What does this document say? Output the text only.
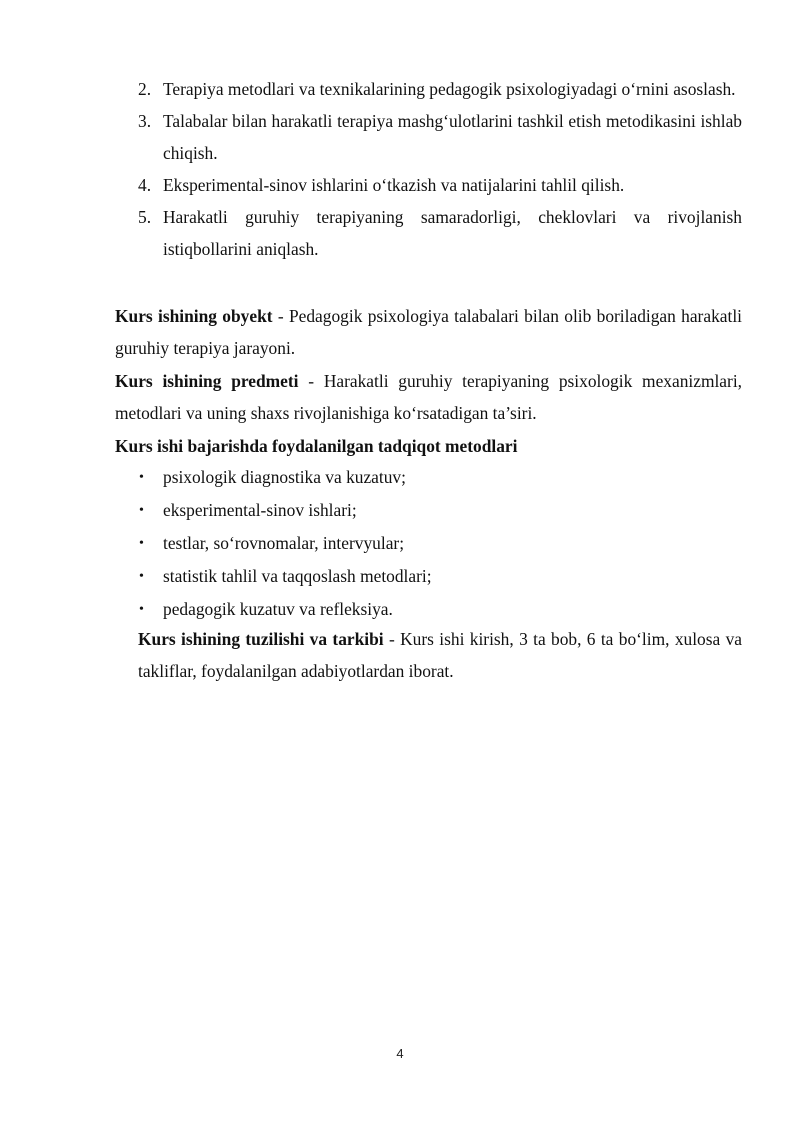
2. Terapiya metodlari va texnikalarining pedagogik psixologiyadagi o‘rnini asoslash.
3. Talabalar bilan harakatli terapiya mashg‘ulotlarini tashkil etish metodikasini ishlab chiqish.
4. Eksperimental-sinov ishlarini o‘tkazish va natijalarini tahlil qilish.
5. Harakatli guruhiy terapiyaning samaradorligi, cheklovlari va rivojlanish istiqbollarini aniqlash.

Kurs ishining obyekt - Pedagogik psixologiya talabalari bilan olib boriladigan harakatli guruhiy terapiya jarayoni.

Kurs ishining predmeti - Harakatli guruhiy terapiyaning psixologik mexanizmlari, metodlari va uning shaxs rivojlanishiga ko‘rsatadigan ta’siri.

Kurs ishi bajarishda foydalanilgan tadqiqot metodlari

• psixologik diagnostika va kuzatuv;
• eksperimental-sinov ishlari;
• testlar, so‘rovnomalar, intervyular;
• statistik tahlil va taqqoslash metodlari;
• pedagogik kuzatuv va refleksiya.

Kurs ishining tuzilishi va tarkibi - Kurs ishi kirish, 3 ta bob, 6 ta bo‘lim, xulosa va takliflar, foydalanilgan adabiyotlardan iborat.

4
